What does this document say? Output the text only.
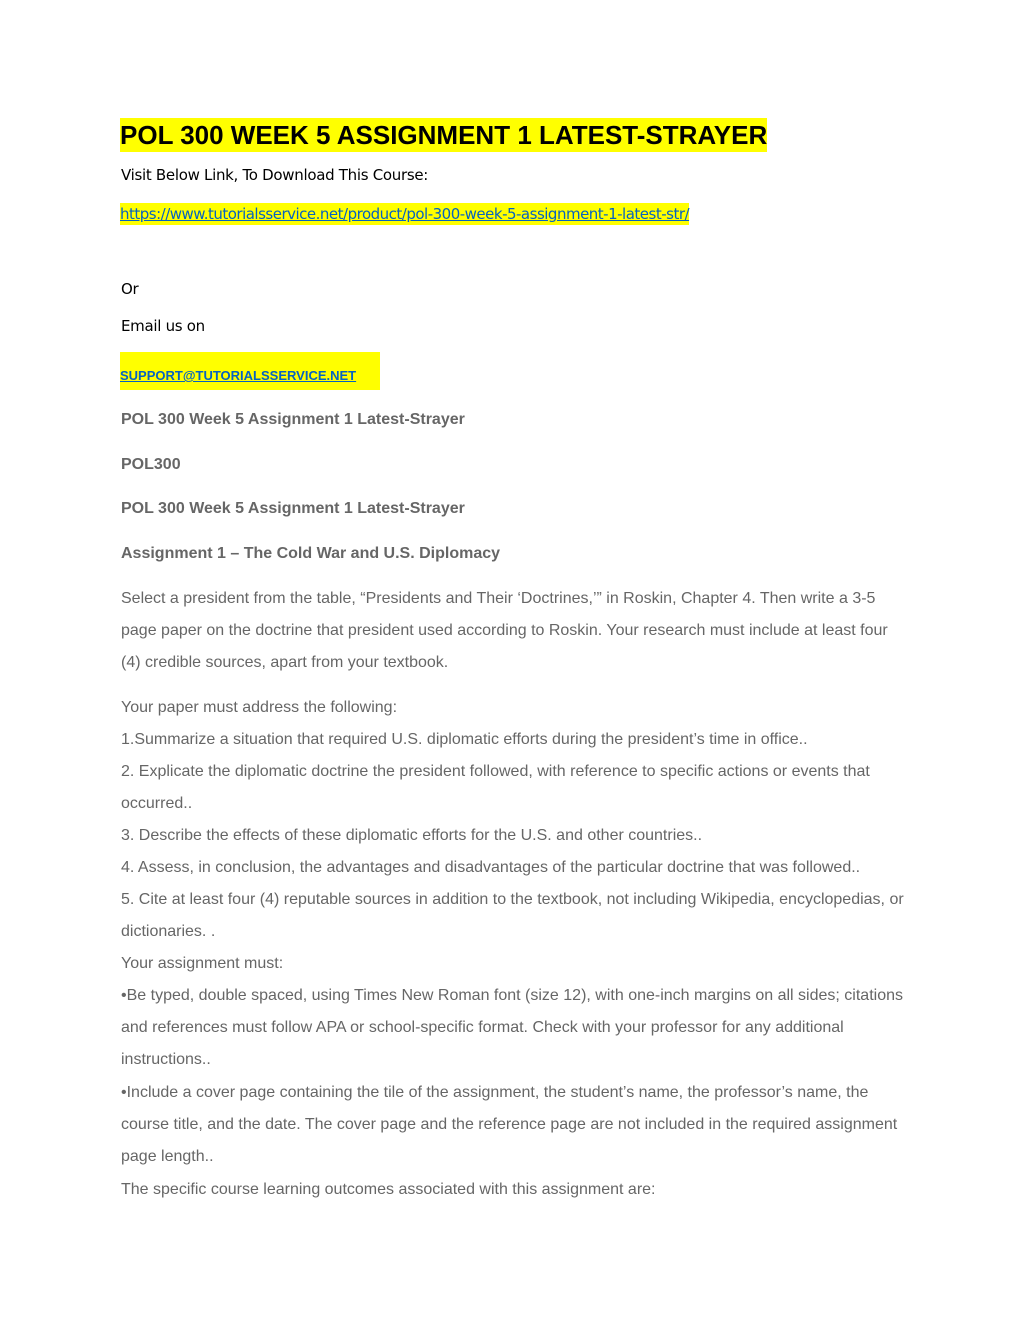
POL 300 WEEK 5 ASSIGNMENT 1 LATEST-STRAYER
Visit Below Link, To Download This Course:
https://www.tutorialsservice.net/product/pol-300-week-5-assignment-1-latest-str/
Or
Email us on
SUPPORT@TUTORIALSSERVICE.NET
POL 300 Week 5 Assignment 1 Latest-Strayer
POL300
POL 300 Week 5 Assignment 1 Latest-Strayer
Assignment 1 – The Cold War and U.S. Diplomacy

Select a president from the table, “Presidents and Their ‘Doctrines,’” in Roskin, Chapter 4. Then write a 3-5 page paper on the doctrine that president used according to Roskin. Your research must include at least four (4) credible sources, apart from your textbook.

Your paper must address the following:

1.Summarize a situation that required U.S. diplomatic efforts during the president’s time in office..

2. Explicate the diplomatic doctrine the president followed, with reference to specific actions or events that occurred..

3. Describe the effects of these diplomatic efforts for the U.S. and other countries..

4. Assess, in conclusion, the advantages and disadvantages of the particular doctrine that was followed..

5. Cite at least four (4) reputable sources in addition to the textbook, not including Wikipedia, encyclopedias, or dictionaries. .

Your assignment must:

•Be typed, double spaced, using Times New Roman font (size 12), with one-inch margins on all sides; citations and references must follow APA or school-specific format. Check with your professor for any additional instructions..

•Include a cover page containing the tile of the assignment, the student’s name, the professor’s name, the course title, and the date. The cover page and the reference page are not included in the required assignment page length..

The specific course learning outcomes associated with this assignment are:
